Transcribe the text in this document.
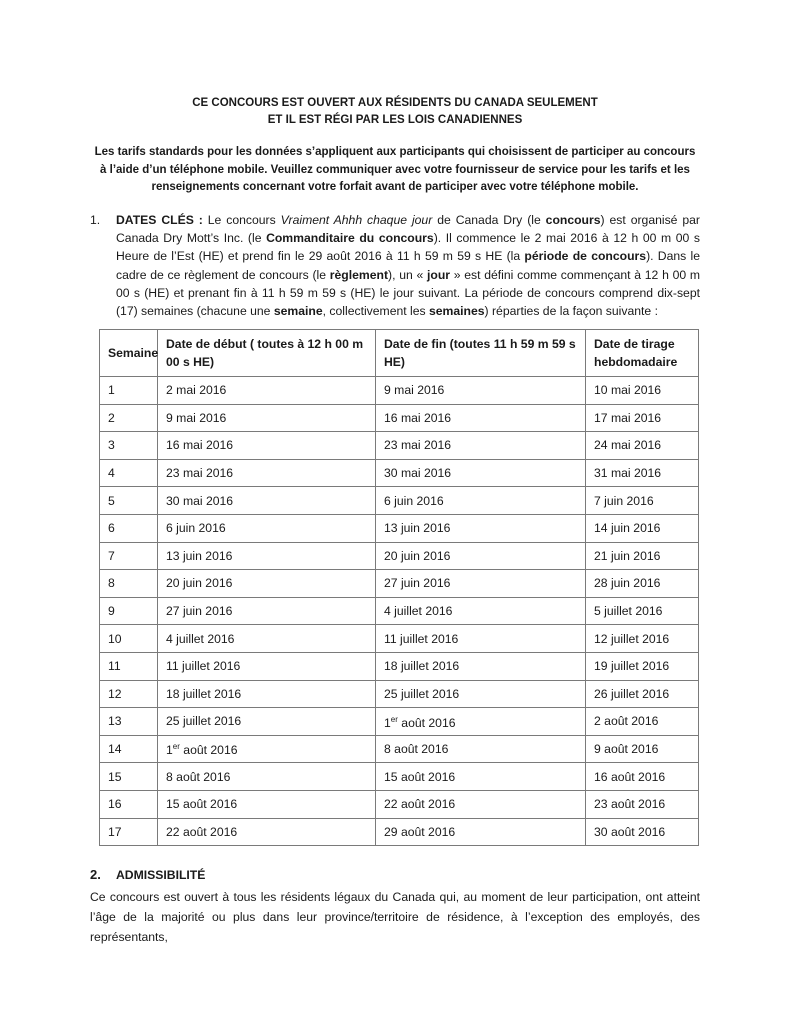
CE CONCOURS EST OUVERT AUX RÉSIDENTS DU CANADA SEULEMENT
ET IL EST RÉGI PAR LES LOIS CANADIENNES
Les tarifs standards pour les données s’appliquent aux participants qui choisissent de participer au concours à l’aide d’un téléphone mobile. Veuillez communiquer avec votre fournisseur de service pour les tarifs et les renseignements concernant votre forfait avant de participer avec votre téléphone mobile.
1.	DATES CLÉS : Le concours Vraiment Ahhh chaque jour de Canada Dry (le concours) est organisé par Canada Dry Mott’s Inc. (le Commanditaire du concours). Il commence le 2 mai 2016 à 12 h 00 m 00 s Heure de l’Est (HE) et prend fin le 29 août 2016 à 11 h 59 m 59 s HE (la période de concours). Dans le cadre de ce règlement de concours (le règlement), un « jour » est défini comme commençant à 12 h 00 m 00 s (HE) et prenant fin à 11 h 59 m 59 s (HE) le jour suivant. La période de concours comprend dix-sept (17) semaines (chacune une semaine, collectivement les semaines) réparties de la façon suivante :
Semaine	Date de début ( toutes à 12 h 00 m 00 s HE)	Date de fin (toutes 11 h 59 m 59 s HE)	Date de tirage hebdomadaire
1	2 mai 2016	9 mai 2016	10 mai 2016
2	9 mai 2016	16 mai 2016	17 mai 2016
3	16 mai 2016	23 mai 2016	24 mai 2016
4	23 mai 2016	30 mai 2016	31 mai 2016
5	30 mai 2016	6 juin 2016	7 juin 2016
6	6 juin 2016	13 juin 2016	14 juin 2016
7	13 juin 2016	20 juin 2016	21 juin 2016
8	20 juin 2016	27 juin 2016	28 juin 2016
9	27 juin 2016	4 juillet 2016	5 juillet 2016
10	4 juillet 2016	11 juillet 2016	12 juillet 2016
11	11 juillet 2016	18 juillet 2016	19 juillet 2016
12	18 juillet 2016	25 juillet 2016	26 juillet 2016
13	25 juillet 2016	1er août 2016	2 août 2016
14	1er août 2016	8 août 2016	9 août 2016
15	8 août 2016	15 août 2016	16 août 2016
16	15 août 2016	22 août 2016	23 août 2016
17	22 août 2016	29 août 2016	30 août 2016
2. ADMISSIBILITÉ
Ce concours est ouvert à tous les résidents légaux du Canada qui, au moment de leur participation, ont atteint l’âge de la majorité ou plus dans leur province/territoire de résidence, à l’exception des employés, des représentants,
